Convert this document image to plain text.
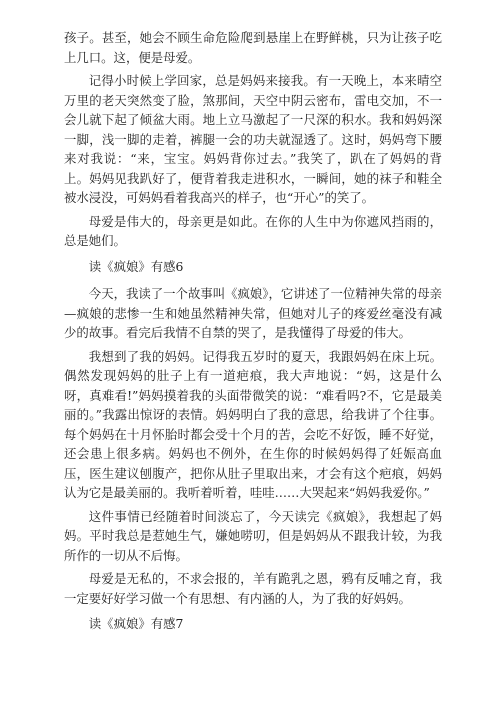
孩子。甚至，她会不顾生命危险爬到悬崖上在野鲜桃，只为让孩子吃上几口。这，便是母爱。

记得小时候上学回家，总是妈妈来接我。有一天晚上，本来晴空万里的老天突然变了脸，煞那间，天空中阴云密布，雷电交加，不一会儿就下起了倾盆大雨。地上立马激起了一尺深的积水。我和妈妈深一脚，浅一脚的走着，裤腿一会的功夫就湿透了。这时，妈妈弯下腰来对我说：“来，宝宝。妈妈背你过去。”我笑了，趴在了妈妈的背上。妈妈见我趴好了，便背着我走进积水，一瞬间，她的袜子和鞋全被水浸没，可妈妈看着我高兴的样子，也“开心”的笑了。

母爱是伟大的，母亲更是如此。在你的人生中为你遮风挡雨的，总是她们。

读《疯娘》有感6

今天，我读了一个故事叫《疯娘》，它讲述了一位精神失常的母亲—疯娘的悲惨一生和她虽然精神失常，但她对儿子的疼爱丝毫没有减少的故事。看完后我情不自禁的哭了，是我懂得了母爱的伟大。

我想到了我的妈妈。记得我五岁时的夏天，我跟妈妈在床上玩。偶然发现妈妈的肚子上有一道疤痕，我大声地说：“妈，这是什么呀，真难看!”妈妈摸着我的头面带微笑的说：“难看吗?不，它是最美丽的。”我露出惊讶的表情。妈妈明白了我的意思，给我讲了个往事。每个妈妈在十月怀胎时都会受十个月的苦，会吃不好饭，睡不好觉，还会患上很多病。妈妈也不例外，在生你的时候妈妈得了妊娠高血压，医生建议刨腹产，把你从肚子里取出来，才会有这个疤痕，妈妈认为它是最美丽的。我听着听着，哇哇……大哭起来“妈妈我爱你。”

这件事情已经随着时间淡忘了，今天读完《疯娘》，我想起了妈妈。平时我总是惹她生气，嫌她唠叨，但是妈妈从不跟我计较，为我所作的一切从不后悔。

母爱是无私的，不求会报的，羊有跪乳之恩，鸦有反哺之育，我一定要好好学习做一个有思想、有内涵的人，为了我的好妈妈。

读《疯娘》有感7
